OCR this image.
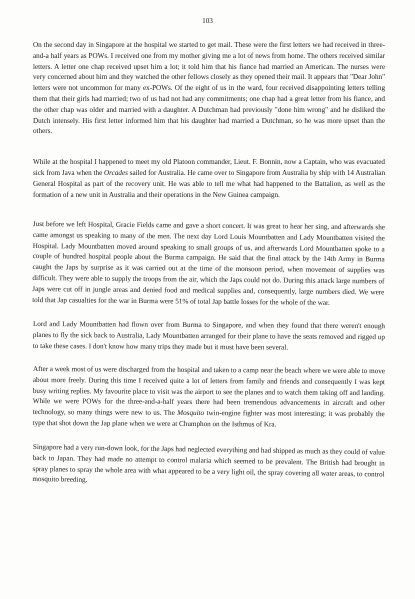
103

On the second day in Singapore at the hospital we started to get mail. These were the first letters we had received in three-and-a half years as POWs. I received one from my mother giving me a lot of news from home. The others received similar letters. A letter one chap received upset him a lot; it told him that his fiance had married an American. The nurses were very concerned about him and they watched the other fellows closely as they opened their mail. It appears that "Dear John" letters were not uncommon for many ex-POWs. Of the eight of us in the ward, four received disappointing letters telling them that their girls had married; two of us had not had any commitments; one chap had a great letter from his fiance, and the other chap was older and married with a daughter. A Dutchman had previously "done him wrong" and he disliked the Dutch intensely. His first letter informed him that his daughter had married a Dutchman, so he was more upset than the others.

While at the hospital I happened to meet my old Platoon commander, Lieut. F. Bonnin, now a Captain, who was evacuated sick from Java when the Orcades sailed for Australia. He came over to Singapore from Australia by ship with 14 Australian General Hospital as part of the recovery unit. He was able to tell me what had happened to the Battalion, as well as the formation of a new unit in Australia and their operations in the New Guinea campaign.

Just before we left Hospital, Gracie Fields came and gave a short concert. It was great to hear her sing, and afterwards she came amongst us speaking to many of the men. The next day Lord Louis Mountbatten and Lady Mountbatten visited the Hospital. Lady Mountbatten moved around speaking to small groups of us, and afterwards Lord Mountbatten spoke to a couple of hundred hospital people about the Burma campaign. He said that the final attack by the 14th Army in Burma caught the Japs by surprise as it was carried out at the time of the monsoon period, when movement of supplies was difficult. They were able to supply the troops from the air, which the Japs could not do. During this attack large numbers of Japs were cut off in jungle areas and denied food and medical supplies and, consequently, large numbers died. We were told that Jap casualties for the war in Burma were 51% of total Jap battle losses for the whole of the war.

Lord and Lady Mountbatten had flown over from Burma to Singapore, and when they found that there weren't enough planes to fly the sick back to Australia, Lady Mountbatten arranged for their plane to have the seats removed and rigged up to take these cases. I don't know how many trips they made but it must have been several.

After a week most of us were discharged from the hospital and taken to a camp near the beach where we were able to move about more freely. During this time I received quite a lot of letters from family and friends and consequently I was kept busy writing replies. My favourite place to visit was the airport to see the planes and to watch them taking off and landing. While we were POWs for the three-and-a-half years there had been tremendous advancements in aircraft and other technology, so many things were new to us. The Mosquito twin-engine fighter was most interesting; it was probably the type that shot down the Jap plane when we were at Chumphon on the Isthmus of Kra.

Singapore had a very run-down look, for the Japs had neglected everything and had shipped as much as they could of value back to Japan. They had made no attempt to control malaria which seemed to be prevalent. The British had brought in spray planes to spray the whole area with what appeared to be a very light oil, the spray covering all water areas, to control mosquito breeding.
